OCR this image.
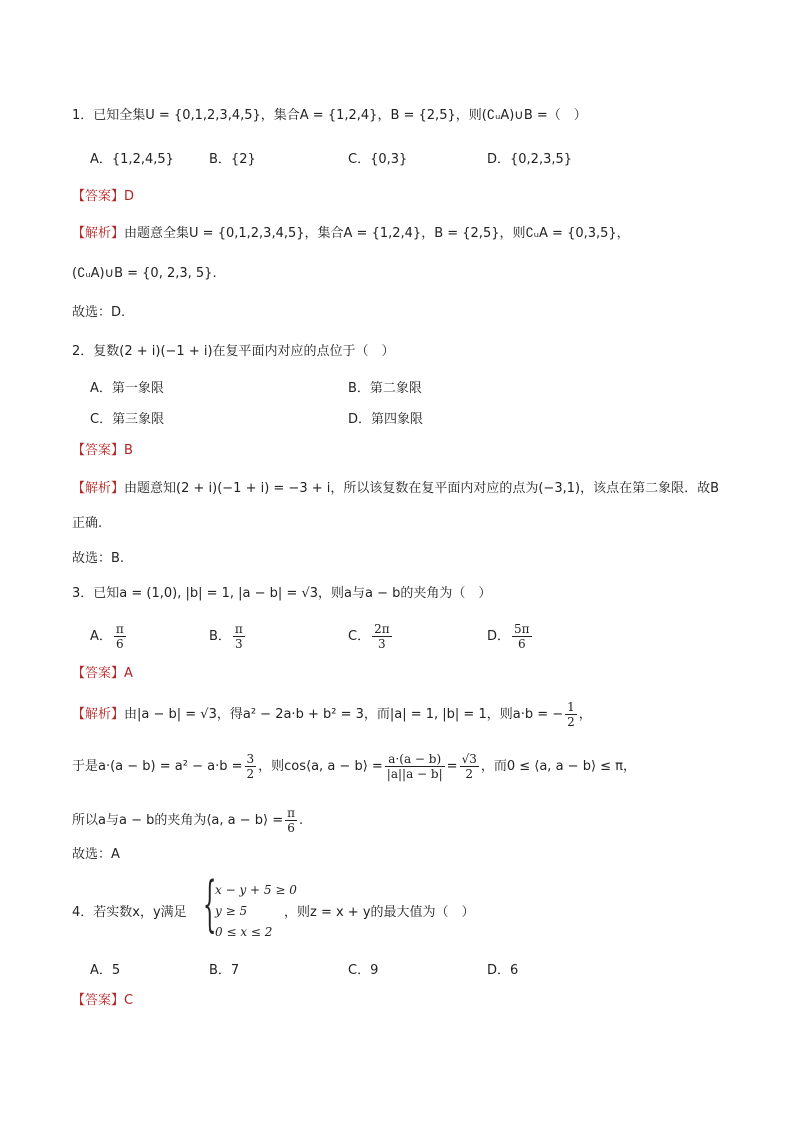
1．已知全集U = {0,1,2,3,4,5}，集合A = {1,2,4}，B = {2,5}，则(∁ᵤA)∪B =（　）
A．{1,2,4,5}	B．{2}	C．{0,3}	D．{0,2,3,5}
【答案】D
【解析】由题意全集U = {0,1,2,3,4,5}，集合A = {1,2,4}，B = {2,5}，则∁ᵤA = {0,3,5}，
(∁ᵤA)∪B = {0, 2,3, 5}.
故选：D.
2．复数(2 + i)(−1 + i)在复平面内对应的点位于（　）
A．第一象限	B．第二象限
C．第三象限	D．第四象限
【答案】B
【解析】由题意知(2 + i)(−1 + i) = −3 + i，所以该复数在复平面内对应的点为(−3,1)，该点在第二象限．故B
正确.
故选：B.
3．已知a = (1,0), |b| = 1, |a − b| = √3，则a与a − b的夹角为（　）
A． $\frac{\pi}{6}$	B． $\frac{\pi}{3}$	C． $\frac{2\pi}{3}$	D． $\frac{5\pi}{6}$
【答案】A
【解析】由|a − b| = √3，得a² − 2a·b + b² = 3，而|a| = 1, |b| = 1，则a·b = − $\frac{1}{2}$ ，
于是$a\cdot(a - b) = a^2 - a\cdot b = \frac{3}{2}$ ，则cos⟨a, a − b⟩ = $\frac{a\cdot(a - b)}{|a||a - b|} = \frac{√3}{2}$ ，而0 ≤ ⟨a, a − b⟩ ≤ π，
所以a与a − b的夹角为⟨a, a − b⟩ = $\frac{\pi}{6}$ .
故选：A
4．若实数x，y满足 {
x − y + 5 ≥ 0
y ≥ 5
0 ≤ x ≤ 2
，则z = x + y的最大值为（　）
A．5	B．7	C．9	D．6
【答案】C
